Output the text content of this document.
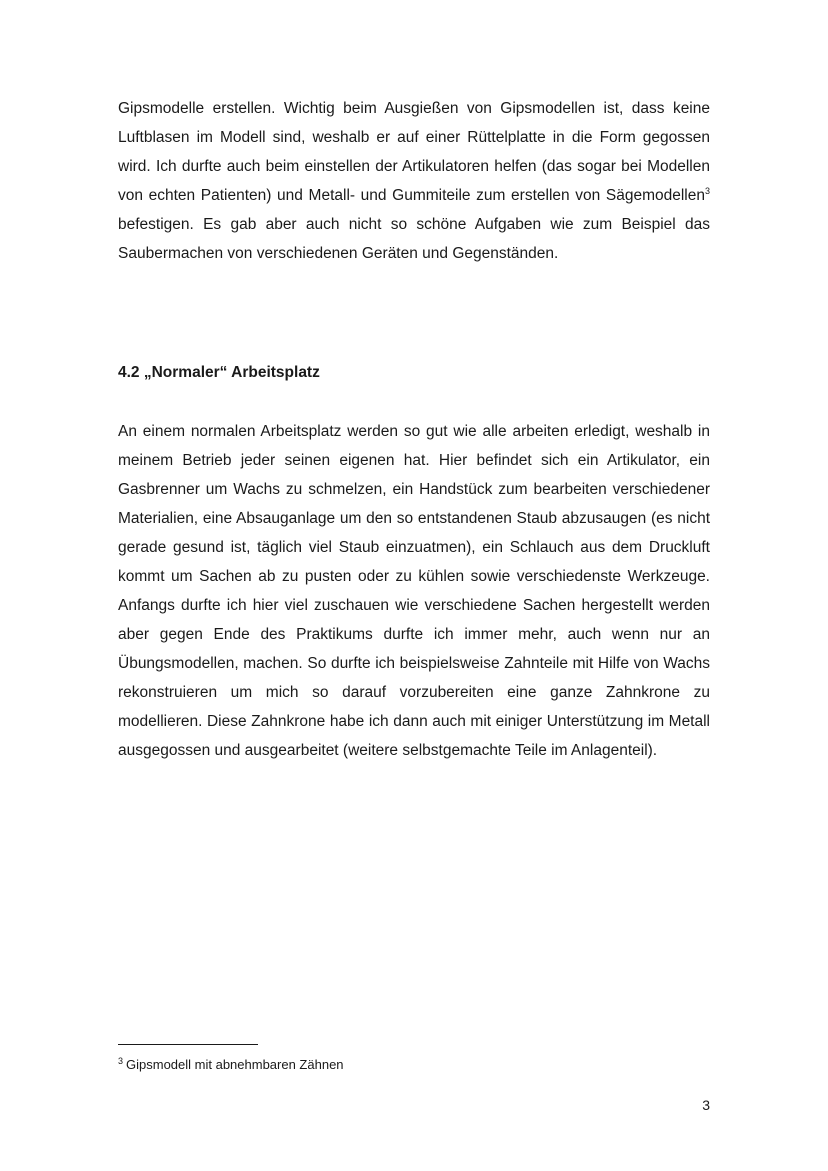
Gipsmodelle erstellen. Wichtig beim Ausgießen von Gipsmodellen ist, dass keine Luftblasen im Modell sind, weshalb er auf einer Rüttelplatte in die Form gegossen wird. Ich durfte auch beim einstellen der Artikulatoren helfen (das sogar bei Modellen von echten Patienten) und Metall- und Gummiteile zum erstellen von Sägemodellen$^3$ befestigen. Es gab aber auch nicht so schöne Aufgaben wie zum Beispiel das Saubermachen von verschiedenen Geräten und Gegenständen.

4.2 „Normaler“ Arbeitsplatz

An einem normalen Arbeitsplatz werden so gut wie alle arbeiten erledigt, weshalb in meinem Betrieb jeder seinen eigenen hat. Hier befindet sich ein Artikulator, ein Gasbrenner um Wachs zu schmelzen, ein Handstück zum bearbeiten verschiedener Materialien, eine Absauganlage um den so entstandenen Staub abzusaugen (es nicht gerade gesund ist, täglich viel Staub einzuatmen), ein Schlauch aus dem Druckluft kommt um Sachen ab zu pusten oder zu kühlen sowie verschiedenste Werkzeuge. Anfangs durfte ich hier viel zuschauen wie verschiedene Sachen hergestellt werden aber gegen Ende des Praktikums durfte ich immer mehr, auch wenn nur an Übungsmodellen, machen. So durfte ich beispielsweise Zahnteile mit Hilfe von Wachs rekonstruieren um mich so darauf vorzubereiten eine ganze Zahnkrone zu modellieren. Diese Zahnkrone habe ich dann auch mit einiger Unterstützung im Metall ausgegossen und ausgearbeitet (weitere selbstgemachte Teile im Anlagenteil).

$^3$ Gipsmodell mit abnehmbaren Zähnen

3
